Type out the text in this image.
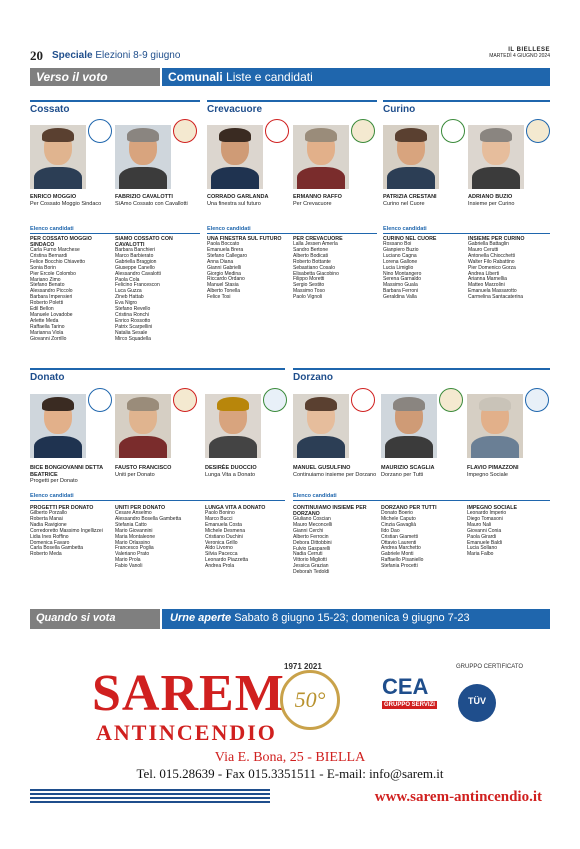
20 Speciale Elezioni 8-9 giugno	IL BIELLESE
MARTEDÌ 4 GIUGNO 2024
Verso il voto	Comunali Liste e candidati
Cossato
ENRICO MOGGIO
Per Cossato Moggio Sindaco
FABRIZIO CAVALOTTI
SìAmo Cossato con Cavallotti
Elenco candidati
PER COSSATO MOGGIO SINDACO
Carla Furno Marchese
Cristina Bernardi
Felice Bocchio Chiavetto
Sonia Borin
Pier Ercole Colombo
Mariano Zimo
Stefano Benato
Alessandro Piccolo
Barbara Impensieri
Roberto Poletti
Edil Bellon
Manuele Lovadobe
Arlette Meda
Raffaella Tarino
Marianna Viola
Giovanni Zorrillo
SIAMO COSSATO CON CAVALOTTI
Barbara Banchieri
Marco Barbierato
Gabriella Braggion
Giuseppe Canello
Alessandro Cavalotti
Paola Cola
Felicino Francescon
Luca Guzza
Zineb Hattab
Eva Nigro
Stefano Revello
Cristina Ronchi
Enrico Rossotto
Patrix Scarpellini
Natalia Sesale
Mirco Squadella
Crevacuore
CORRADO GARLANDA
Una finestra sul futuro
ERMANNO RAFFO
Per Crevacuore
Elenco candidati
UNA FINESTRA SUL FUTURO
Paola Boccato
Emanuela Brera
Stefano Callegaro
Anna Diana
Gianni Gabrielli
Giorgio Medina
Riccardo Ordano
Manuel Stasia
Alberto Tonella
Felice Tosi
PER CREVACUORE
Lalla Jessen Amerla
Sandro Bertone
Alberto Bodicati
Roberto Bottante
Sebastiano Cosalo
Elisabetta Giacobino
Filippo Moretti
Sergio Sestito
Massimo Toso
Paolo Vignoli
Curino
PATRIZIA CRESTANI
Curino nel Cuore
ADRIANO BUZIO
Insieme per Curino
Elenco candidati
CURINO NEL CUORE
Rossano Boi
Gianpiero Buzio
Luciano Cagna
Lorena Gallone
Lucia Limiglio
Nino Montangero
Serena Garnaldo
Massimo Guala
Barbara Ferroni
Geraldina Valla
INSIEME PER CURINO
Gabriella Battaglin
Mauro Cerutti
Antonella Chiocchetti
Walter Filo Rabattino
Pier Domenico Gorza
Andrea Liberti
Arianna Marnellia
Matteo Marzolini
Emanuela Massarotto
Carmelina Santacaterina
Donato
BICE BONGIOVANNI DETTA BEATRICE
Progetti per Donato
FAUSTO FRANCISCO
Uniti per Donato
DESIRÈE DUOCCIO
Lunga Vita a Donato
Elenco candidati
PROGETTI PER DONATO
Gilberto Porzallo
Roberta Manai
Nadia Ravigione
Corredoretto Massimo Ingellizzei
Lidia Ines Roffino
Domenica Favaro
Carla Bosella Gambetta
Roberto Meda
UNITI PER DONATO
Cesare Anselmo
Alessandro Bosella Gambetta
Stefania Catto
Mario Giovannini
Maria Montaleone
Mario Orlassino
Francesco Poglia
Valeriano Prato
Mario Prola
Fabio Vanoli
LUNGA VITA A DONATO
Paolo Bonino
Marco Bucci
Emanuela Costa
Michele Desmena
Cristiano Duchini
Veronica Grillo
Aldo Livorno
Silvia Pacecca
Leonardo Piazzetta
Andrea Prola
Dorzano
MANUEL GUSULFINO
Continuiamo insieme per Dorzano
MAURIZIO SCAGLIA
Dorzano per Tutti
FLAVIO PIMAZZONI
Impegno Sociale
Elenco candidati
CONTINUIAMO INSIEME PER DORZANO
Giuliano Coscian
Mauro Meconcelli
Gianni Cerchi
Alberto Ferrocin
Debora Dittobbini
Fulvio Gasparelli
Nadia Cerruti
Vittorio Migliotti
Jessica Grazian
Deborah Tedoldi
DORZANO PER TUTTI
Donato Boerio
Michele Caputo
Cinzia Gavaglià
Ildo Dao
Cristian Giametti
Ottavio Laurenti
Andrea Marchetto
Gabriele Monti
Raffaello Pisaniello
Stefania Procetti
IMPEGNO SOCIALE
Leonardo Imperio
Diego Tomasoni
Mauro Nali
Giovanni Conia
Paola Girardi
Emanuele Baldi
Lucia Sollano
Maria Falbo
Quando si vota	Urne aperte Sabato 8 giugno 15-23; domenica 9 giugno 7-23
SAREM
ANTINCENDIO
1971 2021
50°
CEA
GRUPPO SERVIZI
GRUPPO CERTIFICATO
TÜV
Via E. Bona, 25 - BIELLA
Tel. 015.28639 - Fax 015.3351511 - E-mail: info@sarem.it
www.sarem-antincendio.it
